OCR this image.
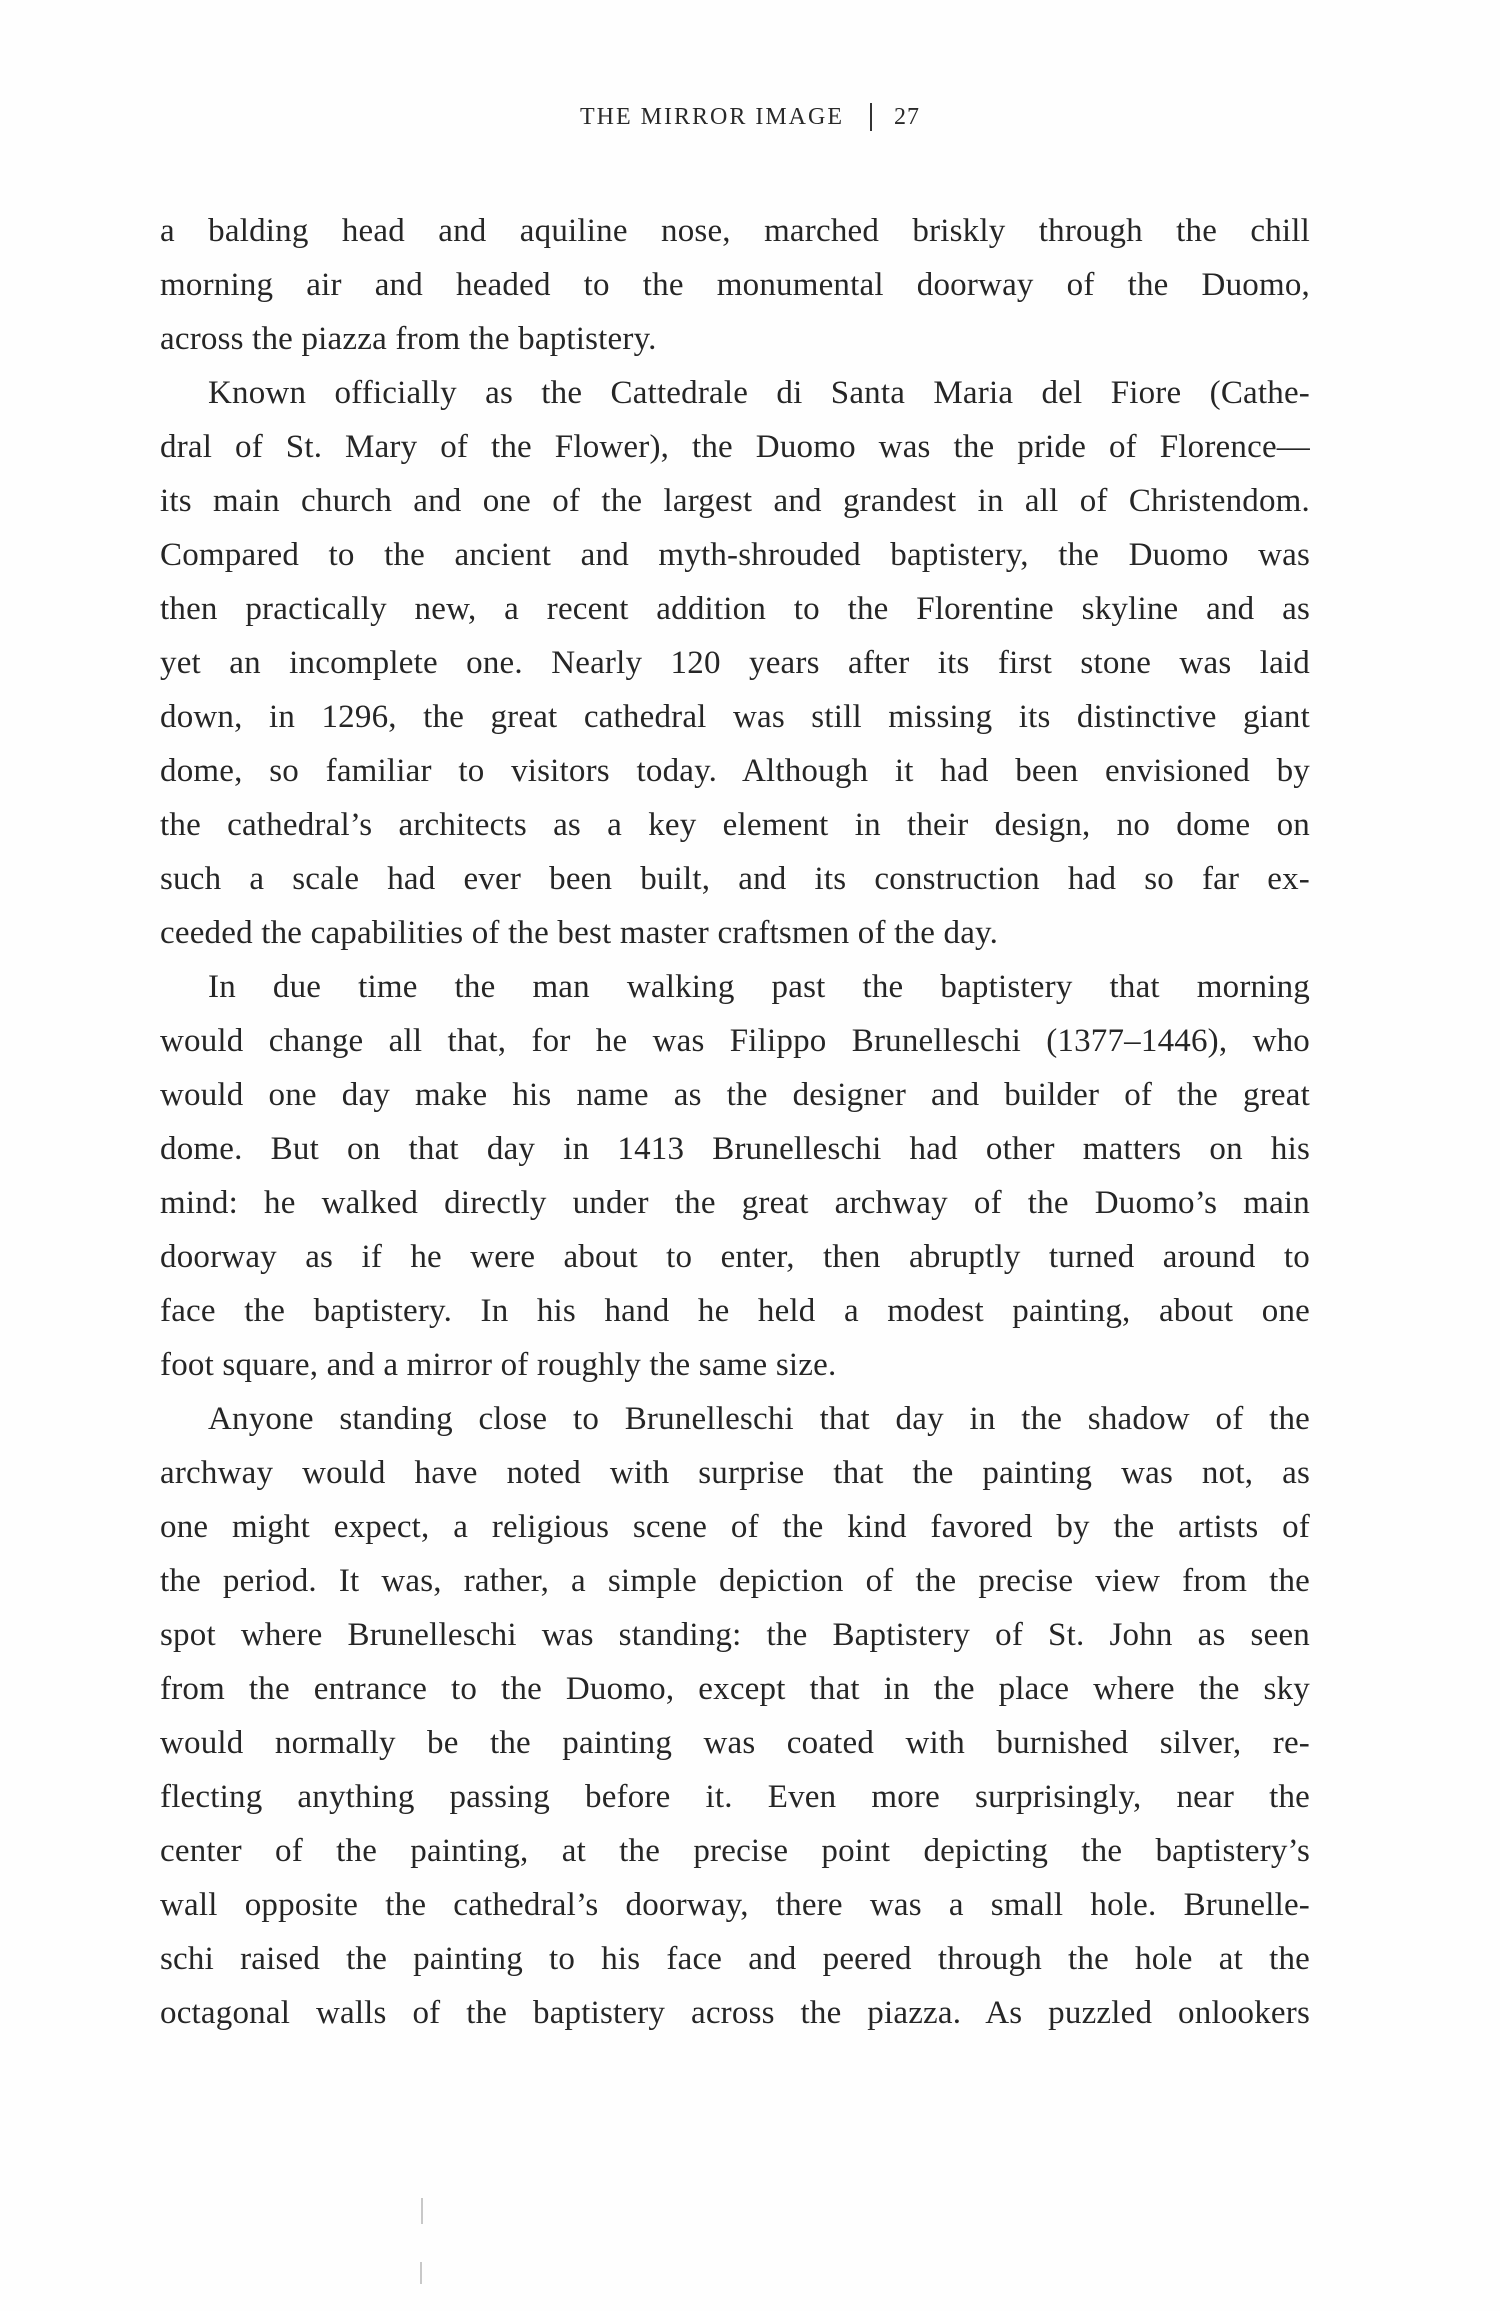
THE MIRROR IMAGE 27
a balding head and aquiline nose, marched briskly through the chill
morning air and headed to the monumental doorway of the Duomo,
across the piazza from the baptistery.
Known officially as the Cattedrale di Santa Maria del Fiore (Cathe-
dral of St. Mary of the Flower), the Duomo was the pride of Florence—
its main church and one of the largest and grandest in all of Christendom.
Compared to the ancient and myth-shrouded baptistery, the Duomo was
then practically new, a recent addition to the Florentine skyline and as
yet an incomplete one. Nearly 120 years after its first stone was laid
down, in 1296, the great cathedral was still missing its distinctive giant
dome, so familiar to visitors today. Although it had been envisioned by
the cathedral’s architects as a key element in their design, no dome on
such a scale had ever been built, and its construction had so far ex-
ceeded the capabilities of the best master craftsmen of the day.
In due time the man walking past the baptistery that morning
would change all that, for he was Filippo Brunelleschi (1377–1446), who
would one day make his name as the designer and builder of the great
dome. But on that day in 1413 Brunelleschi had other matters on his
mind: he walked directly under the great archway of the Duomo’s main
doorway as if he were about to enter, then abruptly turned around to
face the baptistery. In his hand he held a modest painting, about one
foot square, and a mirror of roughly the same size.
Anyone standing close to Brunelleschi that day in the shadow of the
archway would have noted with surprise that the painting was not, as
one might expect, a religious scene of the kind favored by the artists of
the period. It was, rather, a simple depiction of the precise view from the
spot where Brunelleschi was standing: the Baptistery of St. John as seen
from the entrance to the Duomo, except that in the place where the sky
would normally be the painting was coated with burnished silver, re-
flecting anything passing before it. Even more surprisingly, near the
center of the painting, at the precise point depicting the baptistery’s
wall opposite the cathedral’s doorway, there was a small hole. Brunelle-
schi raised the painting to his face and peered through the hole at the
octagonal walls of the baptistery across the piazza. As puzzled onlookers
